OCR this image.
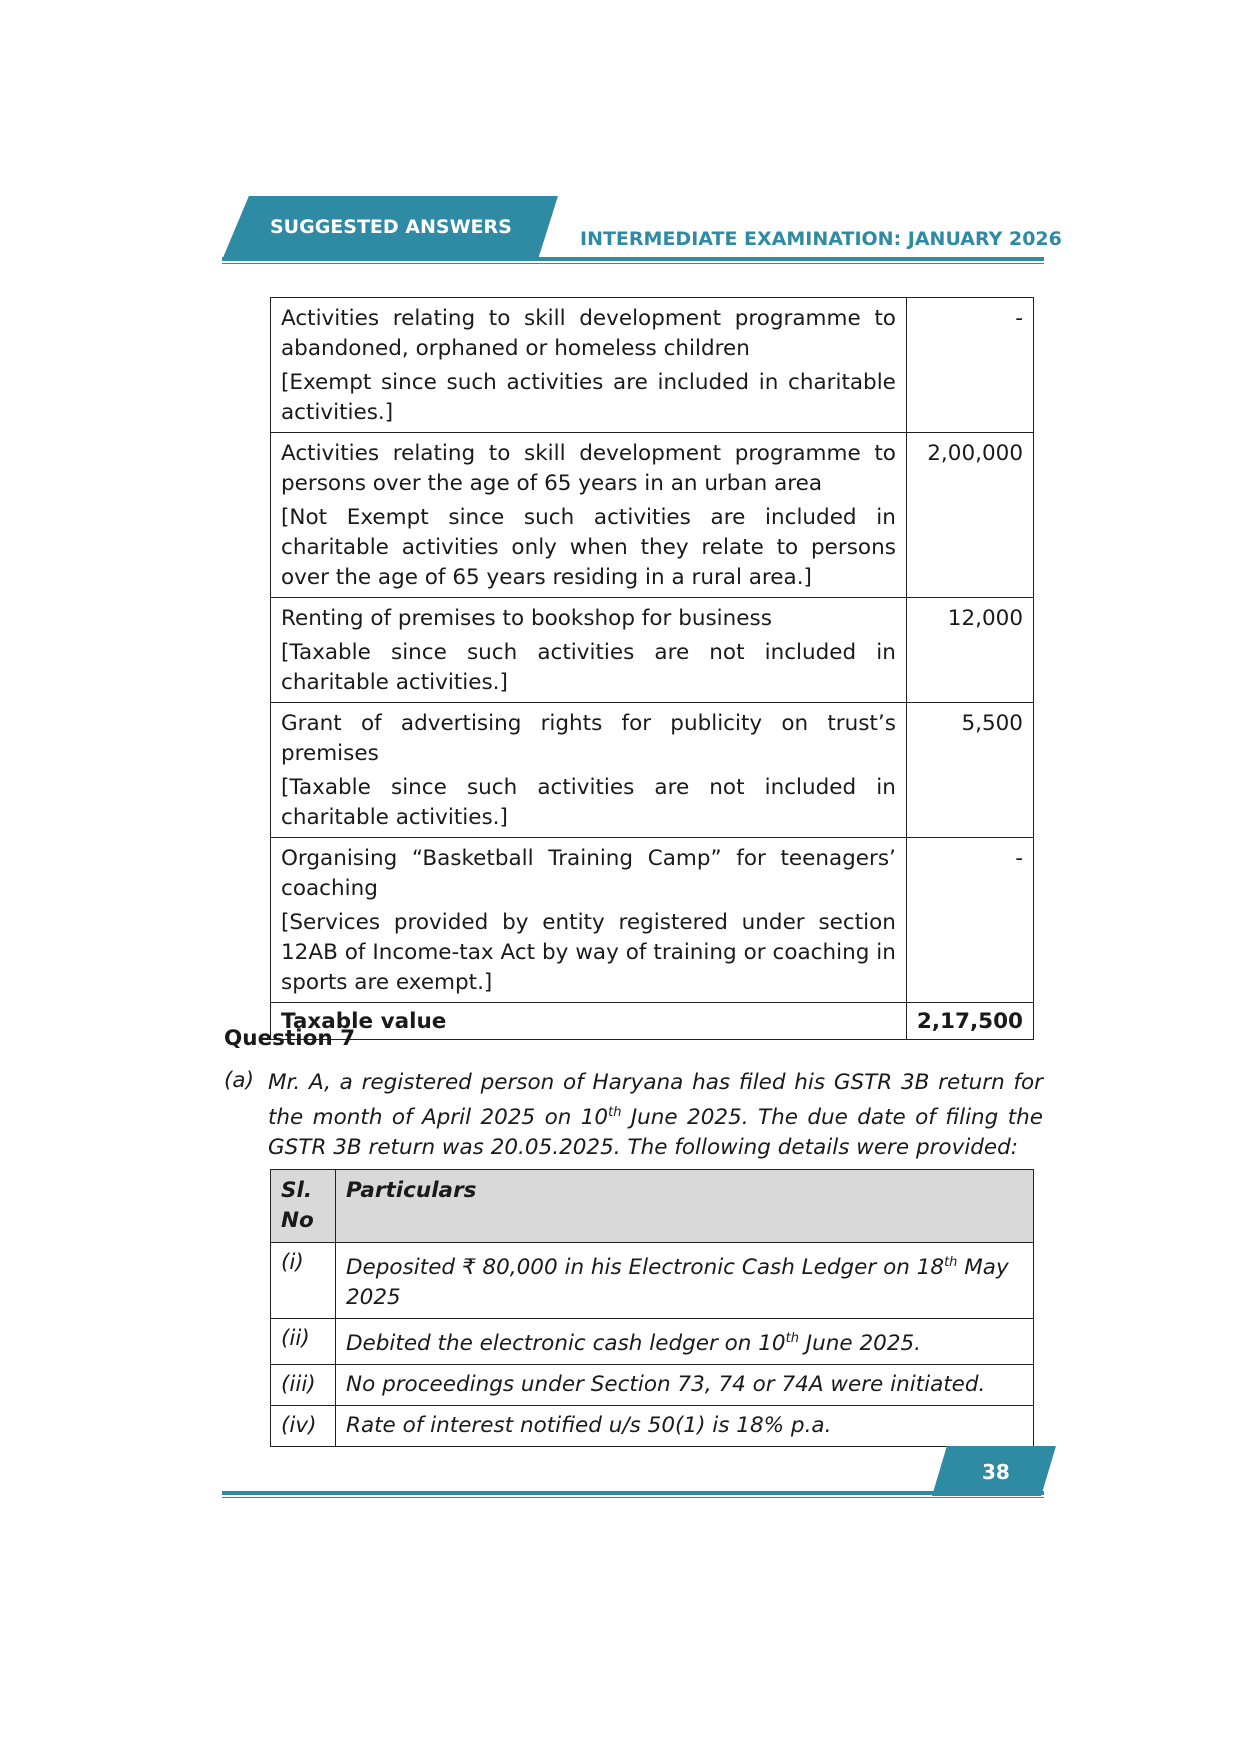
SUGGESTED ANSWERS
INTERMEDIATE EXAMINATION: JANUARY 2026

Activities relating to skill development programme to abandoned, orphaned or homeless children

[Exempt since such activities are included in charitable activities.]	-

Activities relating to skill development programme to persons over the age of 65 years in an urban area

[Not Exempt since such activities are included in charitable activities only when they relate to persons over the age of 65 years residing in a rural area.]	2,00,000

Renting of premises to bookshop for business

[Taxable since such activities are not included in charitable activities.]	12,000

Grant of advertising rights for publicity on trust’s premises

[Taxable since such activities are not included in charitable activities.]	5,500

Organising “Basketball Training Camp” for teenagers’ coaching

[Services provided by entity registered under section 12AB of Income-tax Act by way of training or coaching in sports are exempt.]	-
Taxable value	2,17,500
Question 7
(a) Mr. A, a registered person of Haryana has filed his GSTR 3B return for the month of April 2025 on 10th June 2025. The due date of filing the GSTR 3B return was 20.05.2025. The following details were provided:
Sl. No	Particulars
(i)	Deposited ₹ 80,000 in his Electronic Cash Ledger on 18th May 2025
(ii)	Debited the electronic cash ledger on 10th June 2025.
(iii)	No proceedings under Section 73, 74 or 74A were initiated.
(iv)	Rate of interest notified u/s 50(1) is 18% p.a.
38
